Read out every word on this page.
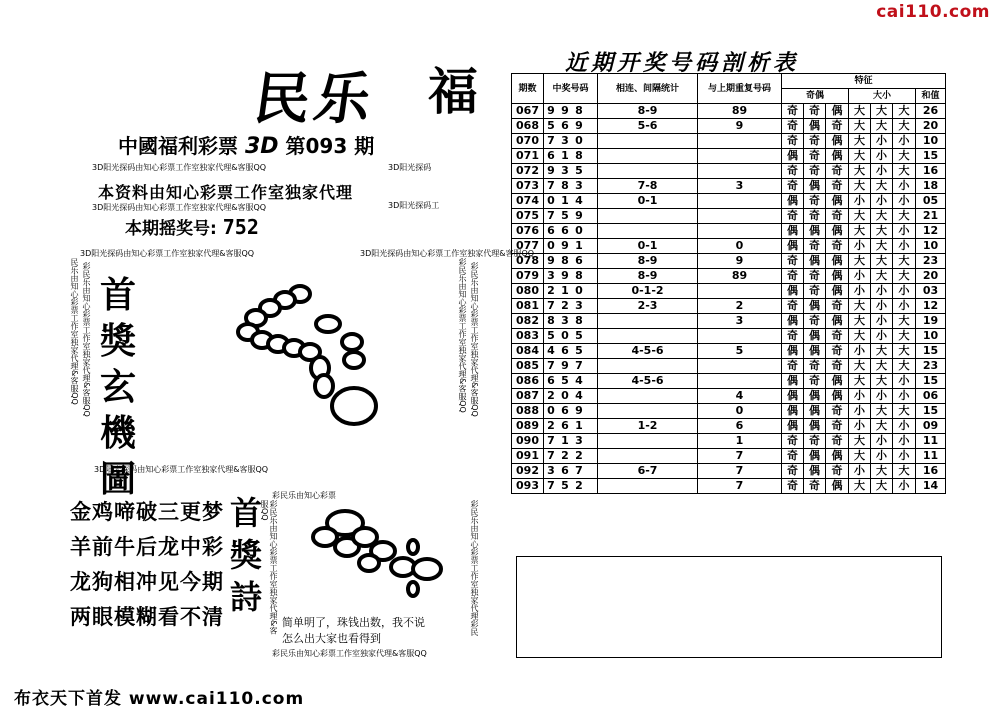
cai110.com
民乐 福
中國福利彩票 3D 第093 期
3D阳光探码由知心彩票工作室独家代理&客服QQ	3D阳光探码
3D阳光探码工
本资料由知心彩票工作室独家代理
3D阳光探码由知心彩票工作室独家代理&客服QQ
本期摇奖号: 752
3D阳光探码由知心彩票工作室独家代理&客服QQ	3D阳光探码由知心彩票工作室独家代理&客服QQ
民乐由知心彩票工作室独家代理&客服QQ 彩民乐由知心彩票工作室独家代理&客服QQ	彩民乐由知心彩票工作室独家代理&客服QQ 彩民乐由知心彩票工作室独家代理&客服QQ
首
獎
玄
機
圖
3D阳光探码由知心彩票工作室独家代理&客服QQ
金鸡啼破三更梦
羊前牛后龙中彩
龙狗相冲见今期
两眼模糊看不清
首
獎
詩
彩民乐由知心彩票
彩民乐由知心彩票工作室独家代理&客服QQ	彩民乐由知心彩票工作室独家代理彩民
简单明了，珠钱出数，我不说
怎么出大家也看得到
彩民乐由知心彩票工作室独家代理&客服QQ
布衣天下首发 www.cai110.com
近期开奖号码剖析表
期数	中奖号码	相连、间隔统计	与上期重复号码	特征						
				奇偶			大小			和值
067	9 9 8	8-9	89	奇	奇	偶	大	大	大	26
068	5 6 9	5-6	9	奇	偶	奇	大	大	大	20
070	7 3 0			奇	奇	偶	大	小	小	10
071	6 1 8			偶	奇	偶	大	小	大	15
072	9 3 5			奇	奇	奇	大	小	大	16
073	7 8 3	7-8	3	奇	偶	奇	大	大	小	18
074	0 1 4	0-1		偶	奇	偶	小	小	小	05
075	7 5 9			奇	奇	奇	大	大	大	21
076	6 6 0			偶	偶	偶	大	大	小	12
077	0 9 1	0-1	0	偶	奇	奇	小	大	小	10
078	9 8 6	8-9	9	奇	偶	偶	大	大	大	23
079	3 9 8	8-9	89	奇	奇	偶	小	大	大	20
080	2 1 0	0-1-2		偶	奇	偶	小	小	小	03
081	7 2 3	2-3	2	奇	偶	奇	大	小	小	12
082	8 3 8		3	偶	奇	偶	大	小	大	19
083	5 0 5			奇	偶	奇	大	小	大	10
084	4 6 5	4-5-6	5	偶	偶	奇	小	大	大	15
085	7 9 7			奇	奇	奇	大	大	大	23
086	6 5 4	4-5-6		偶	奇	偶	大	大	小	15
087	2 0 4		4	偶	偶	偶	小	小	小	06
088	0 6 9		0	偶	偶	奇	小	大	大	15
089	2 6 1	1-2	6	偶	偶	奇	小	大	小	09
090	7 1 3		1	奇	奇	奇	大	小	小	11
091	7 2 2		7	奇	偶	偶	大	小	小	11
092	3 6 7	6-7	7	奇	偶	奇	小	大	大	16
093	7 5 2		7	奇	奇	偶	大	大	小	14
